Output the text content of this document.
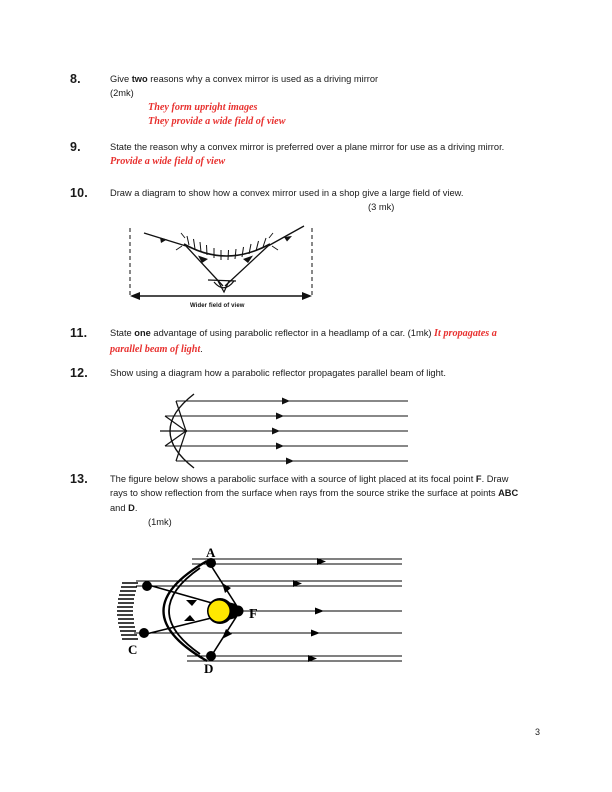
8.	Give two reasons why a convex mirror is used as a driving mirror
(2mk)
They form upright images
They provide a wide field of view
9.	State the reason why a convex mirror is preferred over a plane mirror for use as a driving mirror. Provide a wide field of view
10.	Draw a diagram to show how a convex mirror used in a shop give a large field of view.
(3 mk)
Wider field of view
11.	State one advantage of using parabolic reflector in a headlamp of a car. (1mk) It propagates a parallel beam of light.
12.	Show using a diagram how a parabolic reflector propagates parallel beam of light.
13.	The figure below shows a parabolic surface with a source of light placed at its focal point F. Draw rays to show reflection from the surface when rays from the source strike the surface at points ABC and D.
(1mk)
F
A
C
D
3
